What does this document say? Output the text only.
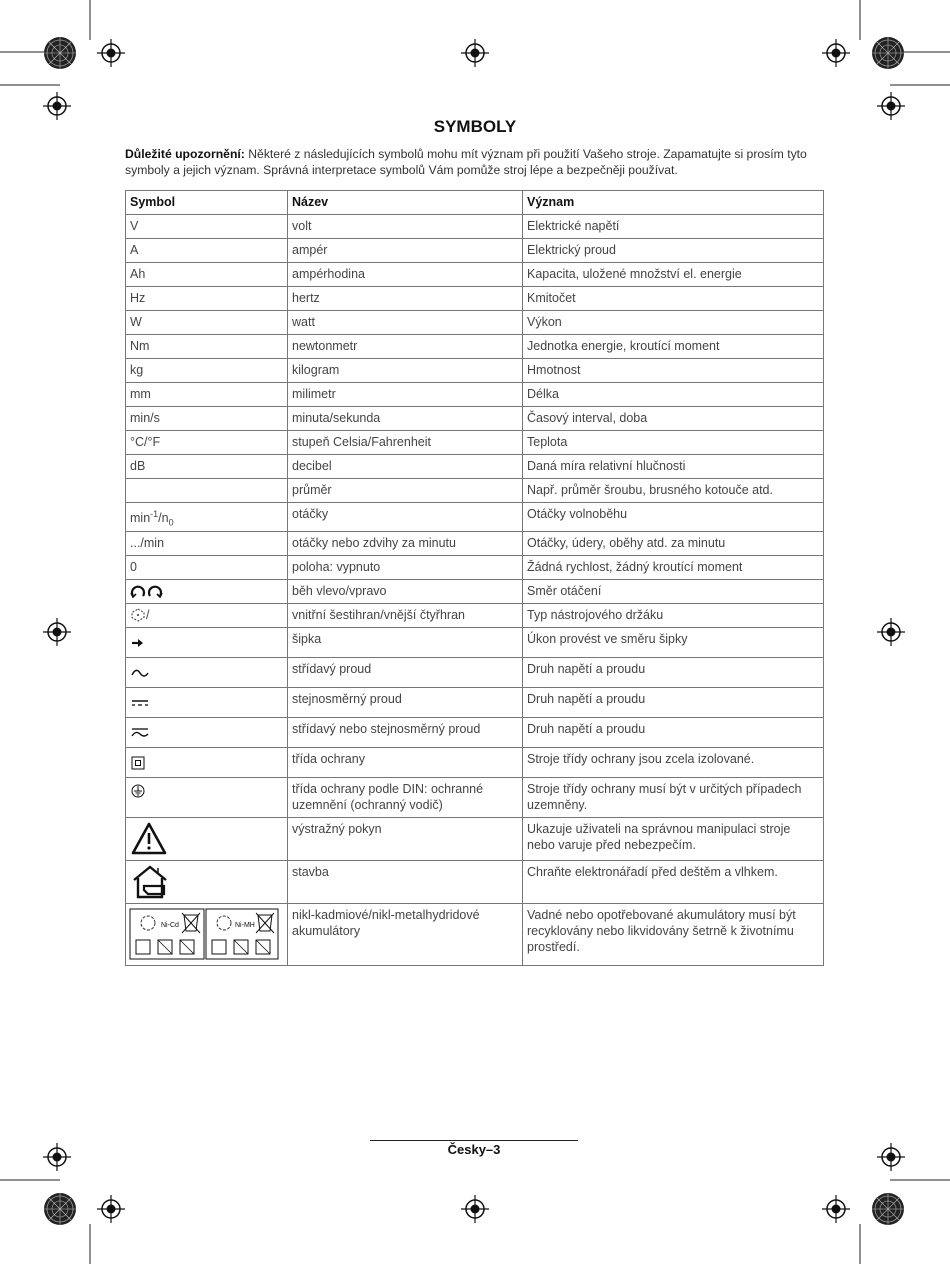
SYMBOLY
Důležité upozornění: Některé z následujících symbolů mohu mít význam při použití Vašeho stroje. Zapamatujte si prosím tyto symboly a jejich význam. Správná interpretace symbolů Vám pomůže stroj lépe a bezpečněji používat.
Symbol	Název	Význam
V	volt	Elektrické napětí
A	ampér	Elektrický proud
Ah	ampérhodina	Kapacita, uložené množství el. energie
Hz	hertz	Kmitočet
W	watt	Výkon
Nm	newtonmetr	Jednotka energie, kroutící moment
kg	kilogram	Hmotnost
mm	milimetr	Délka
min/s	minuta/sekunda	Časový interval, doba
°C/°F	stupeň Celsia/Fahrenheit	Teplota
dB	decibel	Daná míra relativní hlučnosti
	průměr	Např. průměr šroubu, brusného kotouče atd.
$\min^{-1}/n_0$	otáčky	Otáčky volnoběhu
.../min	otáčky nebo zdvihy za minutu	Otáčky, údery, oběhy atd. za minutu
0	poloha: vypnuto	Žádná rychlost, žádný kroutící moment
	běh vlevo/vpravo	Směr otáčení
/	vnitřní šestihran/vnější čtyřhran	Typ nástrojového držáku
	šipka	Úkon provést ve směru šipky
	střídavý proud	Druh napětí a proudu
	stejnosměrný proud	Druh napětí a proudu
	střídavý nebo stejnosměrný proud	Druh napětí a proudu
	třída ochrany	Stroje třídy ochrany jsou zcela izolované.
	třída ochrany podle DIN: ochranné uzemnění (ochranný vodič)	Stroje třídy ochrany musí být v určitých případech uzemněny.
	výstražný pokyn	Ukazuje uživateli na správnou manipulaci stroje nebo varuje před nebezpečím.
	stavba	Chraňte elektronářadí před deštěm a vlhkem.

Ni-Cd Ni-MH	nikl-kadmiové/nikl-metalhydridové akumulátory	Vadné nebo opotřebované akumulátory musí být recyklovány nebo likvidovány šetrně k životnímu prostředí.
Česky–3
